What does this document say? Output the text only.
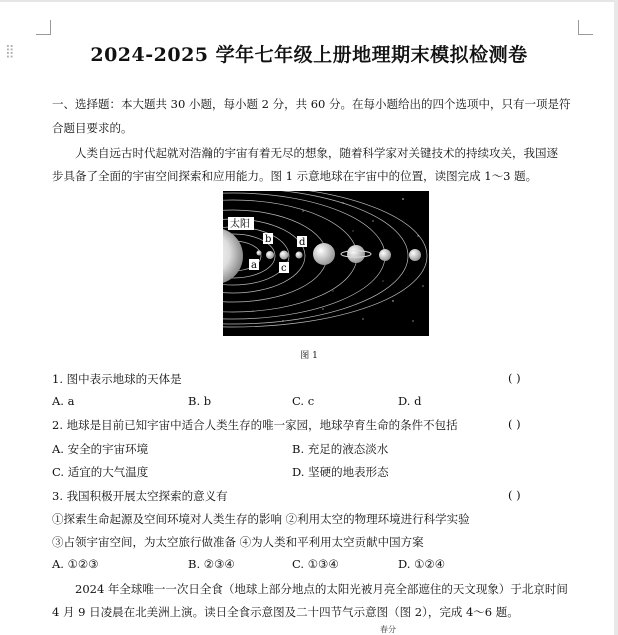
⣿	2024-2025 学年七年级上册地理期末模拟检测卷
一、选择题：本大题共 30 小题，每小题 2 分，共 60 分。在每小题给出的四个选项中，只有一项是符
合题目要求的。
人类自远古时代起就对浩瀚的宇宙有着无尽的想象，随着科学家对关键技术的持续攻关，我国逐
步具备了全面的宇宙空间探索和应用能力。图 1 示意地球在宇宙中的位置，读图完成 1～3 题。
太阳
b	d
a c
图 1
1. 图中表示地球的天体是	( )
A. a	B. b	C. c	D. d
2. 地球是目前已知宇宙中适合人类生存的唯一家园，地球孕育生命的条件不包括	( )
A. 安全的宇宙环境	B. 充足的液态淡水
C. 适宜的大气温度	D. 坚硬的地表形态
3. 我国积极开展太空探索的意义有	( )
①探索生命起源及空间环境对人类生存的影响 ②利用太空的物理环境进行科学实验
③占领宇宙空间，为太空旅行做准备 ④为人类和平利用太空贡献中国方案
A. ①②③	B. ②③④	C. ①③④	D. ①②④
2024 年全球唯一一次日全食（地球上部分地点的太阳光被月亮全部遮住的天文现象）于北京时间
4 月 9 日凌晨在北美洲上演。读日全食示意图及二十四节气示意图（图 2），完成 4～6 题。
春分
